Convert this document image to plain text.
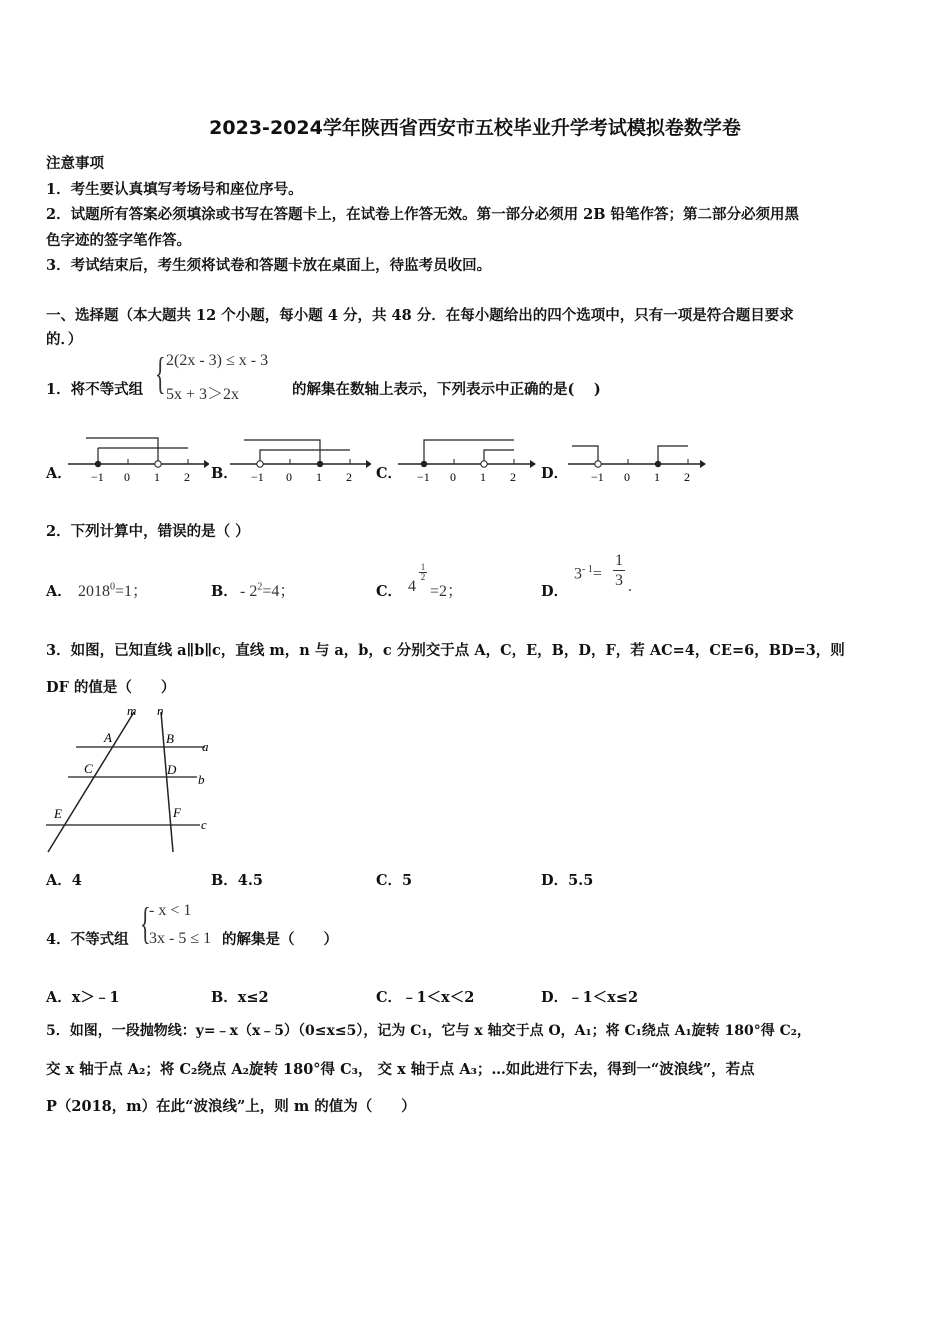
2023-2024学年陕西省西安市五校毕业升学考试模拟卷数学卷
注意事项
1．考生要认真填写考场号和座位序号。
2．试题所有答案必须填涂或书写在答题卡上，在试卷上作答无效。第一部分必须用 2B 铅笔作答；第二部分必须用黑
色字迹的签字笔作答。
3．考试结束后，考生须将试卷和答题卡放在桌面上，待监考员收回。
一、选择题（本大题共 12 个小题，每小题 4 分，共 48 分．在每小题给出的四个选项中，只有一项是符合题目要求
的．）
1．将不等式组 { 2(2x - 3) ≤ x - 3
5x + 3＞2x	的解集在数轴上表示，下列表示中正确的是(　 )
A．	B．	C．	D．
−1 0 1 2	−1 0 1 2	−1 0 1 2	−1 0 1 2
2．下列计算中，错误的是（ ）
A． $2018^0=1$；	B． - $2^2=4$；	C． 4
1
2
=2；	D．
$3^{- 1}=$
1
3 .
3．如图，已知直线 a∥b∥c，直线 m，n 与 a，b，c 分别交于点 A，C，E，B，D，F，若 AC=4，CE=6，BD=3，则
DF 的值是（　　）
m n
A	B
a
C	D
b
E	F
c
A．4	B．4.5	C．5	D．5.5
4．不等式组 {
- x < 1
3x - 5 ≤ 1 的解集是（　　）
A．x＞﹣1	B．x≤2	C．﹣1＜x＜2	D．﹣1＜x≤2
5．如图，一段抛物线：y=﹣x（x﹣5）（0≤x≤5），记为 C₁，它与 x 轴交于点 O，A₁；将 C₁绕点 A₁旋转 180°得 C₂，
交 x 轴于点 A₂；将 C₂绕点 A₂旋转 180°得 C₃， 交 x 轴于点 A₃；…如此进行下去，得到一“波浪线”，若点
P（2018，m）在此“波浪线”上，则 m 的值为（　　）
